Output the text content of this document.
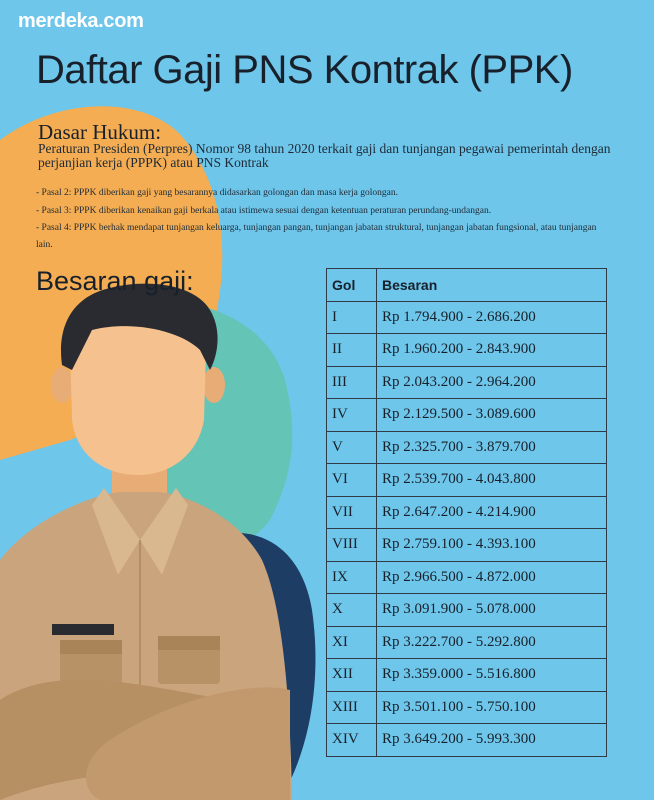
merdeka.com
Daftar Gaji PNS Kontrak (PPK)
Dasar Hukum:
Peraturan Presiden (Perpres) Nomor 98 tahun 2020 terkait gaji dan tunjangan pegawai pemerintah dengan perjanjian kerja (PPPK) atau PNS Kontrak
- Pasal 2: PPPK diberikan gaji yang besarannya didasarkan golongan dan masa kerja golongan.
- Pasal 3: PPPK diberikan kenaikan gaji berkala atau istimewa sesuai dengan ketentuan peraturan perundang-undangan.
- Pasal 4: PPPK berhak mendapat tunjangan keluarga, tunjangan pangan, tunjangan jabatan struktural, tunjangan jabatan fungsional, atau tunjangan lain.
Besaran gaji:	Gol	Besaran
I	Rp 1.794.900 - 2.686.200
II	Rp 1.960.200 - 2.843.900
III	Rp 2.043.200 - 2.964.200
IV	Rp 2.129.500 - 3.089.600
V	Rp 2.325.700 - 3.879.700
VI	Rp 2.539.700 - 4.043.800
VII	Rp 2.647.200 - 4.214.900
VIII	Rp 2.759.100 - 4.393.100
IX	Rp 2.966.500 - 4.872.000
X	Rp 3.091.900 - 5.078.000
XI	Rp 3.222.700 - 5.292.800
XII	Rp 3.359.000 - 5.516.800
XIII	Rp 3.501.100 - 5.750.100
XIV	Rp 3.649.200 - 5.993.300
